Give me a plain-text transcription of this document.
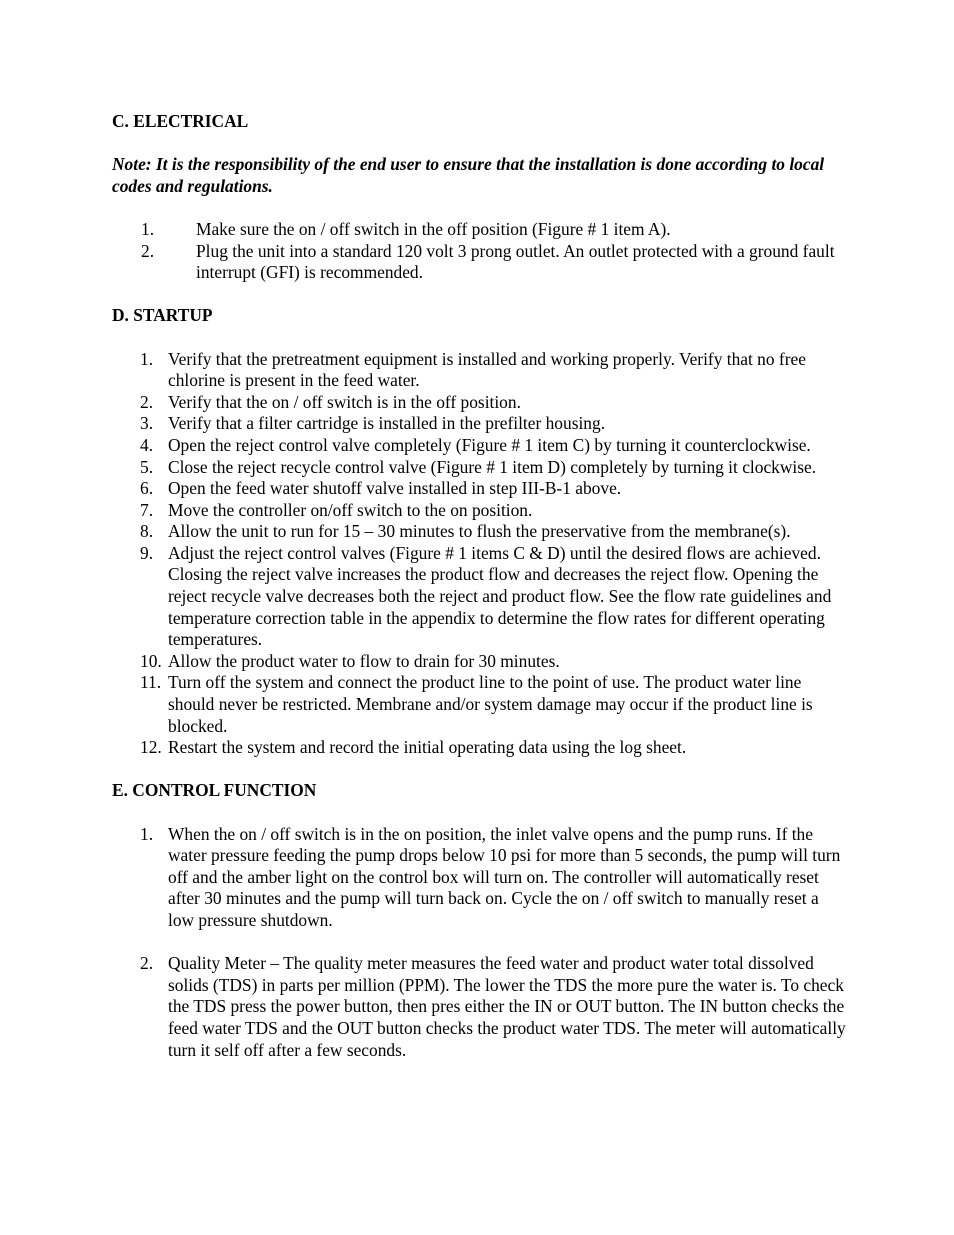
C. ELECTRICAL

Note: It is the responsibility of the end user to ensure that the installation is done according to local codes and regulations.

1. Make sure the on / off switch in the off position (Figure # 1 item A).
2. Plug the unit into a standard 120 volt 3 prong outlet. An outlet protected with a ground fault interrupt (GFI) is recommended.

D. STARTUP

1. Verify that the pretreatment equipment is installed and working properly. Verify that no free chlorine is present in the feed water.
2. Verify that the on / off switch is in the off position.
3. Verify that a filter cartridge is installed in the prefilter housing.
4. Open the reject control valve completely (Figure # 1 item C) by turning it counterclockwise.
5. Close the reject recycle control valve (Figure # 1 item D) completely by turning it clockwise.
6. Open the feed water shutoff valve installed in step III-B-1 above.
7. Move the controller on/off switch to the on position.
8. Allow the unit to run for 15 – 30 minutes to flush the preservative from the membrane(s).
9. Adjust the reject control valves (Figure # 1 items C & D) until the desired flows are achieved. Closing the reject valve increases the product flow and decreases the reject flow. Opening the reject recycle valve decreases both the reject and product flow. See the flow rate guidelines and temperature correction table in the appendix to determine the flow rates for different operating temperatures.
10. Allow the product water to flow to drain for 30 minutes.
11. Turn off the system and connect the product line to the point of use. The product water line should never be restricted. Membrane and/or system damage may occur if the product line is blocked.
12. Restart the system and record the initial operating data using the log sheet.

E. CONTROL FUNCTION

1. When the on / off switch is in the on position, the inlet valve opens and the pump runs. If the water pressure feeding the pump drops below 10 psi for more than 5 seconds, the pump will turn off and the amber light on the control box will turn on. The controller will automatically reset after 30 minutes and the pump will turn back on. Cycle the on / off switch to manually reset a low pressure shutdown.
2. Quality Meter – The quality meter measures the feed water and product water total dissolved solids (TDS) in parts per million (PPM). The lower the TDS the more pure the water is. To check the TDS press the power button, then pres either the IN or OUT button. The IN button checks the feed water TDS and the OUT button checks the product water TDS. The meter will automatically turn it self off after a few seconds.
